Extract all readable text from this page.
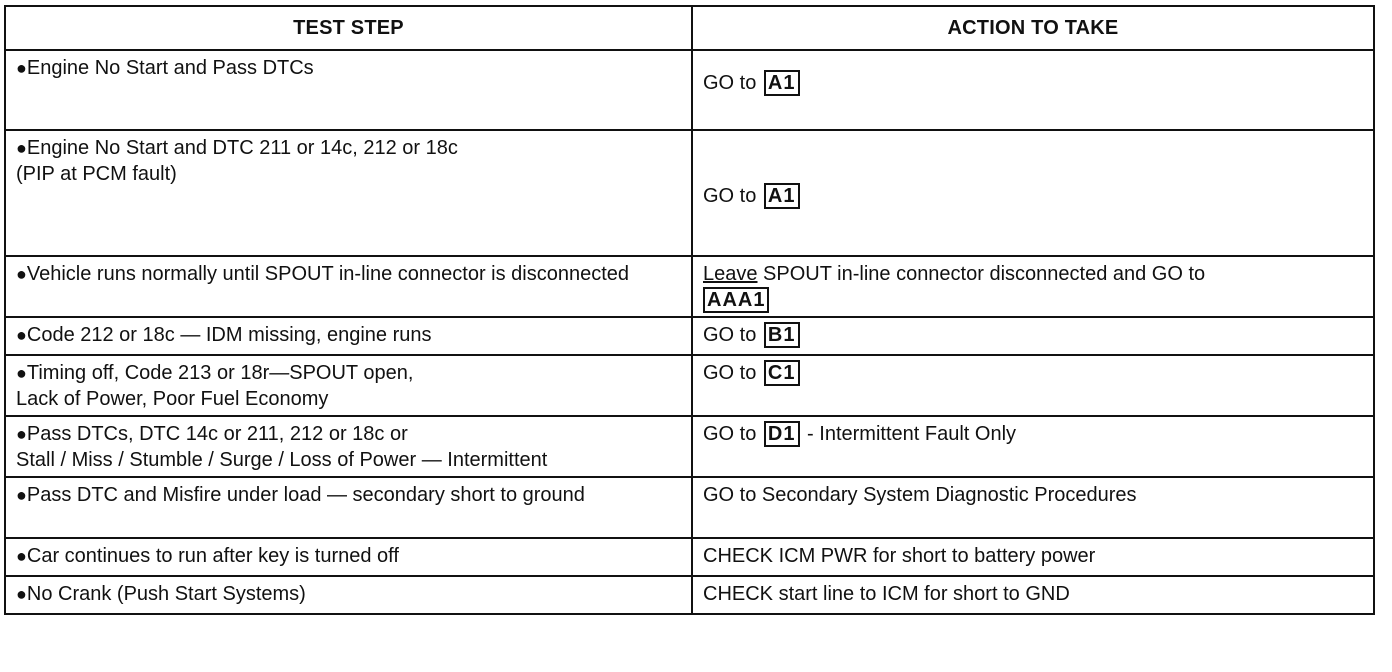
TEST STEP	ACTION TO TAKE
●Engine No Start and Pass DTCs	GO to A1

●Engine No Start and DTC 211 or 14c, 212 or 18c
(PIP at PCM fault)	GO to A1

●Vehicle runs normally until SPOUT in-line connector is disconnected	Leave SPOUT in-line connector disconnected and GO to
AAA1
●Code 212 or 18c — IDM missing, engine runs	GO to B1
●Timing off, Code 213 or 18r—SPOUT open,
Lack of Power, Poor Fuel Economy	GO to C1
●Pass DTCs, DTC 14c or 211, 212 or 18c or
Stall / Miss / Stumble / Surge / Loss of Power — Intermittent	GO to D1 - Intermittent Fault Only
●Pass DTC and Misfire under load — secondary short to ground	GO to Secondary System Diagnostic Procedures
●Car continues to run after key is turned off	CHECK ICM PWR for short to battery power
●No Crank (Push Start Systems)	CHECK start line to ICM for short to GND
